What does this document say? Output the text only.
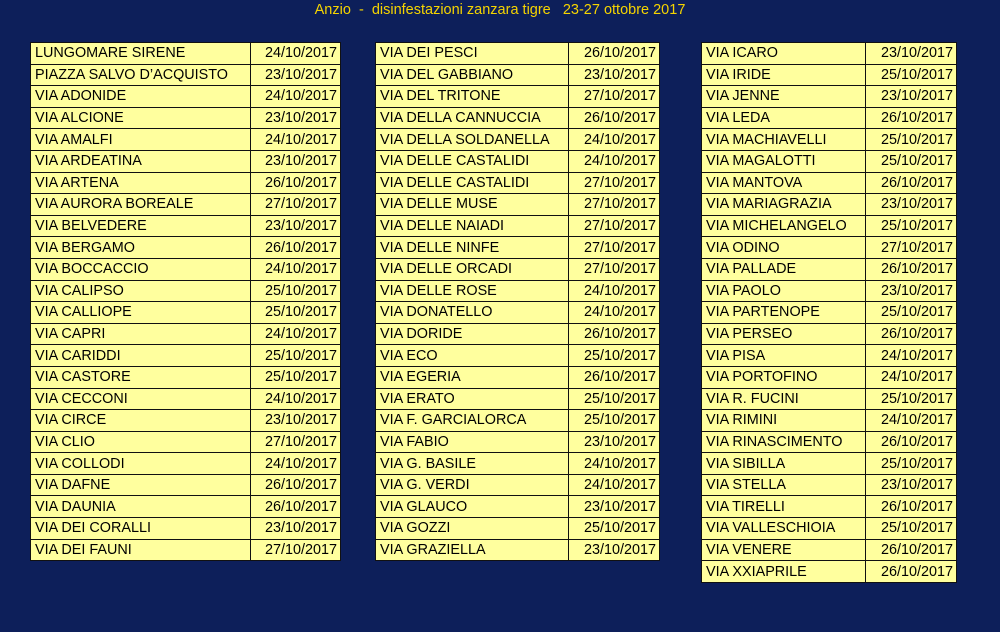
Anzio  -  disinfestazioni zanzara tigre   23-27 ottobre 2017
LUNGOMARE SIRENE	24/10/2017
PIAZZA SALVO D’ACQUISTO	23/10/2017
VIA ADONIDE	24/10/2017
VIA ALCIONE	23/10/2017
VIA AMALFI	24/10/2017
VIA ARDEATINA	23/10/2017
VIA ARTENA	26/10/2017
VIA AURORA BOREALE	27/10/2017
VIA BELVEDERE	23/10/2017
VIA BERGAMO	26/10/2017
VIA BOCCACCIO	24/10/2017
VIA CALIPSO	25/10/2017
VIA CALLIOPE	25/10/2017
VIA CAPRI	24/10/2017
VIA CARIDDI	25/10/2017
VIA CASTORE	25/10/2017
VIA CECCONI	24/10/2017
VIA CIRCE	23/10/2017
VIA CLIO	27/10/2017
VIA COLLODI	24/10/2017
VIA DAFNE	26/10/2017
VIA DAUNIA	26/10/2017
VIA DEI CORALLI	23/10/2017
VIA DEI FAUNI	27/10/2017
VIA DEI PESCI	26/10/2017
VIA DEL GABBIANO	23/10/2017
VIA DEL TRITONE	27/10/2017
VIA DELLA CANNUCCIA	26/10/2017
VIA DELLA SOLDANELLA	24/10/2017
VIA DELLE CASTALIDI	24/10/2017
VIA DELLE CASTALIDI	27/10/2017
VIA DELLE MUSE	27/10/2017
VIA DELLE NAIADI	27/10/2017
VIA DELLE NINFE	27/10/2017
VIA DELLE ORCADI	27/10/2017
VIA DELLE ROSE	24/10/2017
VIA DONATELLO	24/10/2017
VIA DORIDE	26/10/2017
VIA ECO	25/10/2017
VIA EGERIA	26/10/2017
VIA ERATO	25/10/2017
VIA F. GARCIALORCA	25/10/2017
VIA FABIO	23/10/2017
VIA G. BASILE	24/10/2017
VIA G. VERDI	24/10/2017
VIA GLAUCO	23/10/2017
VIA GOZZI	25/10/2017
VIA GRAZIELLA	23/10/2017
VIA ICARO	23/10/2017
VIA IRIDE	25/10/2017
VIA JENNE	23/10/2017
VIA LEDA	26/10/2017
VIA MACHIAVELLI	25/10/2017
VIA MAGALOTTI	25/10/2017
VIA MANTOVA	26/10/2017
VIA MARIAGRAZIA	23/10/2017
VIA MICHELANGELO	25/10/2017
VIA ODINO	27/10/2017
VIA PALLADE	26/10/2017
VIA PAOLO	23/10/2017
VIA PARTENOPE	25/10/2017
VIA PERSEO	26/10/2017
VIA PISA	24/10/2017
VIA PORTOFINO	24/10/2017
VIA R. FUCINI	25/10/2017
VIA RIMINI	24/10/2017
VIA RINASCIMENTO	26/10/2017
VIA SIBILLA	25/10/2017
VIA STELLA	23/10/2017
VIA TIRELLI	26/10/2017
VIA VALLESCHIOIA	25/10/2017
VIA VENERE	26/10/2017
VIA XXIAPRILE	26/10/2017
